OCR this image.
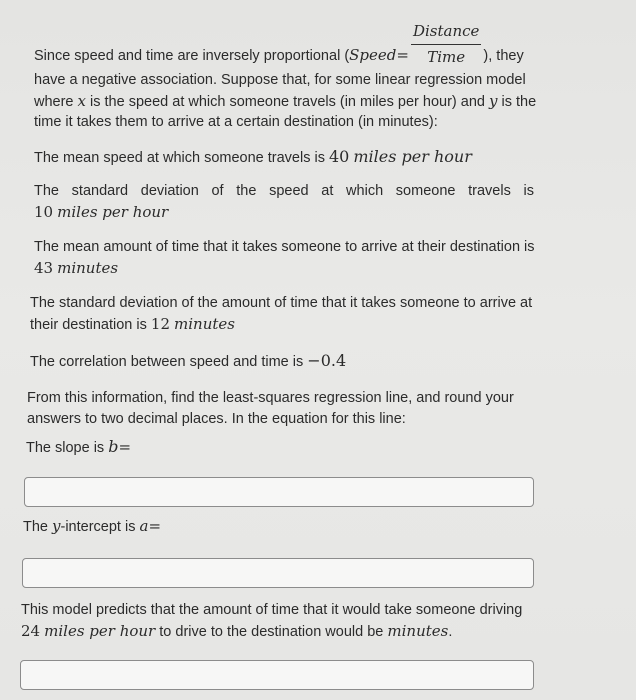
Since speed and time are inversely proportional (Speed= $\frac{\text{Distance}}{\text{Time}}$ ), they
have a negative association. Suppose that, for some linear regression model
where x is the speed at which someone travels (in miles per hour) and y is the
time it takes them to arrive at a certain destination (in minutes):
The mean speed at which someone travels is 40 miles per hour
The standard deviation of the speed at which someone travels is
10 miles per hour
The mean amount of time that it takes someone to arrive at their destination is
43 minutes
The standard deviation of the amount of time that it takes someone to arrive at
their destination is 12 minutes
The correlation between speed and time is −0.4
From this information, find the least-squares regression line, and round your
answers to two decimal places. In the equation for this line:
The slope is b=
The y-intercept is a=
This model predicts that the amount of time that it would take someone driving
24 miles per hour to drive to the destination would be minutes.
